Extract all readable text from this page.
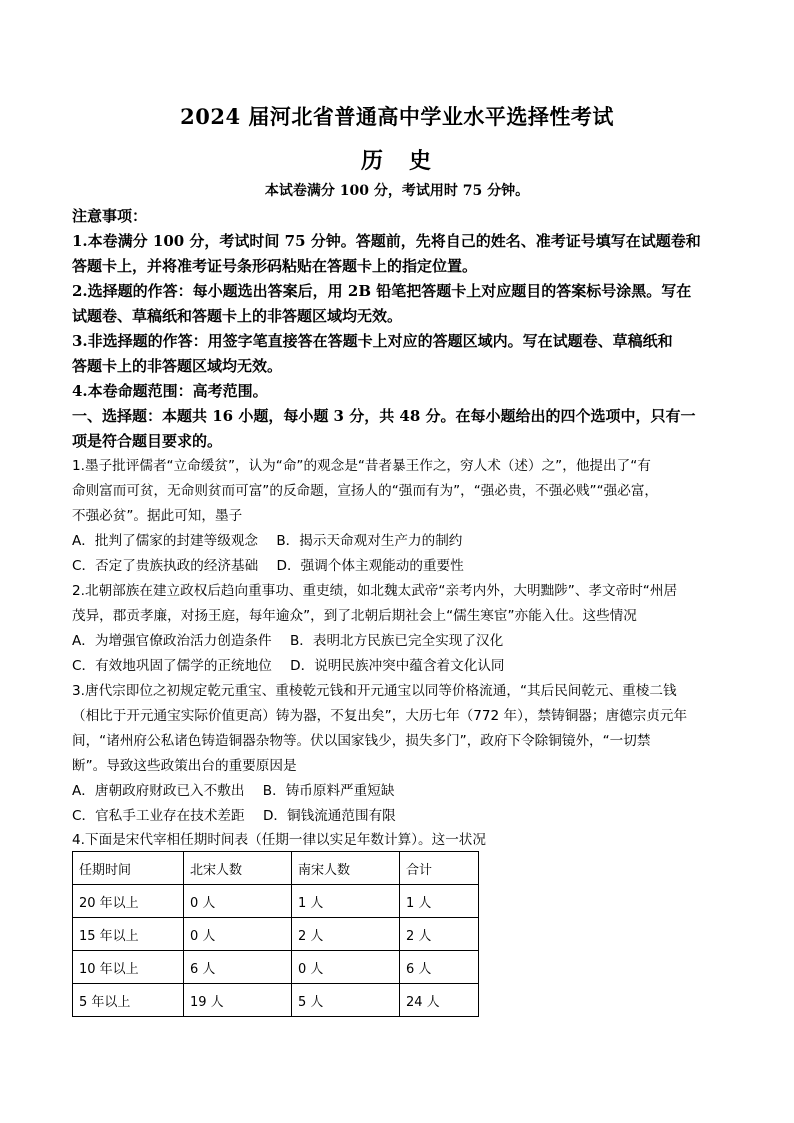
2024 届河北省普通高中学业水平选择性考试
历　史
本试卷满分 100 分，考试用时 75 分钟。
注意事项：
1.本卷满分 100 分，考试时间 75 分钟。答题前，先将自己的姓名、准考证号填写在试题卷和
答题卡上，并将准考证号条形码粘贴在答题卡上的指定位置。
2.选择题的作答：每小题选出答案后，用 2B 铅笔把答题卡上对应题目的答案标号涂黑。写在
试题卷、草稿纸和答题卡上的非答题区域均无效。
3.非选择题的作答：用签字笔直接答在答题卡上对应的答题区域内。写在试题卷、草稿纸和
答题卡上的非答题区域均无效。
4.本卷命题范围：高考范围。
一、选择题：本题共 16 小题，每小题 3 分，共 48 分。在每小题给出的四个选项中，只有一
项是符合题目要求的。
1.墨子批评儒者“立命缓贫”，认为“命”的观念是“昔者暴王作之，穷人术（述）之”，他提出了“有
命则富而可贫，无命则贫而可富”的反命题，宣扬人的“强而有为”，“强必贵，不强必贱”“强必富，
不强必贫”。据此可知，墨子
A．批判了儒家的封建等级观念 B．揭示天命观对生产力的制约
C．否定了贵族执政的经济基础 D．强调个体主观能动的重要性
2.北朝部族在建立政权后趋向重事功、重吏绩，如北魏太武帝“亲考内外，大明黜陟”、孝文帝时“州居
茂异，郡贡孝廉，对扬王庭，每年逾众”，到了北朝后期社会上“儒生寒宦”亦能入仕。这些情况
A．为增强官僚政治活力创造条件 B．表明北方民族已完全实现了汉化
C．有效地巩固了儒学的正统地位 D．说明民族冲突中蕴含着文化认同
3.唐代宗即位之初规定乾元重宝、重棱乾元钱和开元通宝以同等价格流通，“其后民间乾元、重棱二钱
（相比于开元通宝实际价值更高）铸为器，不复出矣”，大历七年（772 年），禁铸铜器；唐德宗贞元年
间，“诸州府公私诸色铸造铜器杂物等。伏以国家钱少，损失多门”，政府下令除铜镜外，“一切禁
断”。导致这些政策出台的重要原因是
A．唐朝政府财政已入不敷出 B．铸币原料严重短缺
C．官私手工业存在技术差距 D．铜钱流通范围有限
4.下面是宋代宰相任期时间表（任期一律以实足年数计算）。这一状况
任期时间	北宋人数	南宋人数	合计
20 年以上	0 人	1 人	1 人
15 年以上	0 人	2 人	2 人
10 年以上	6 人	0 人	6 人
5 年以上	19 人	5 人	24 人
